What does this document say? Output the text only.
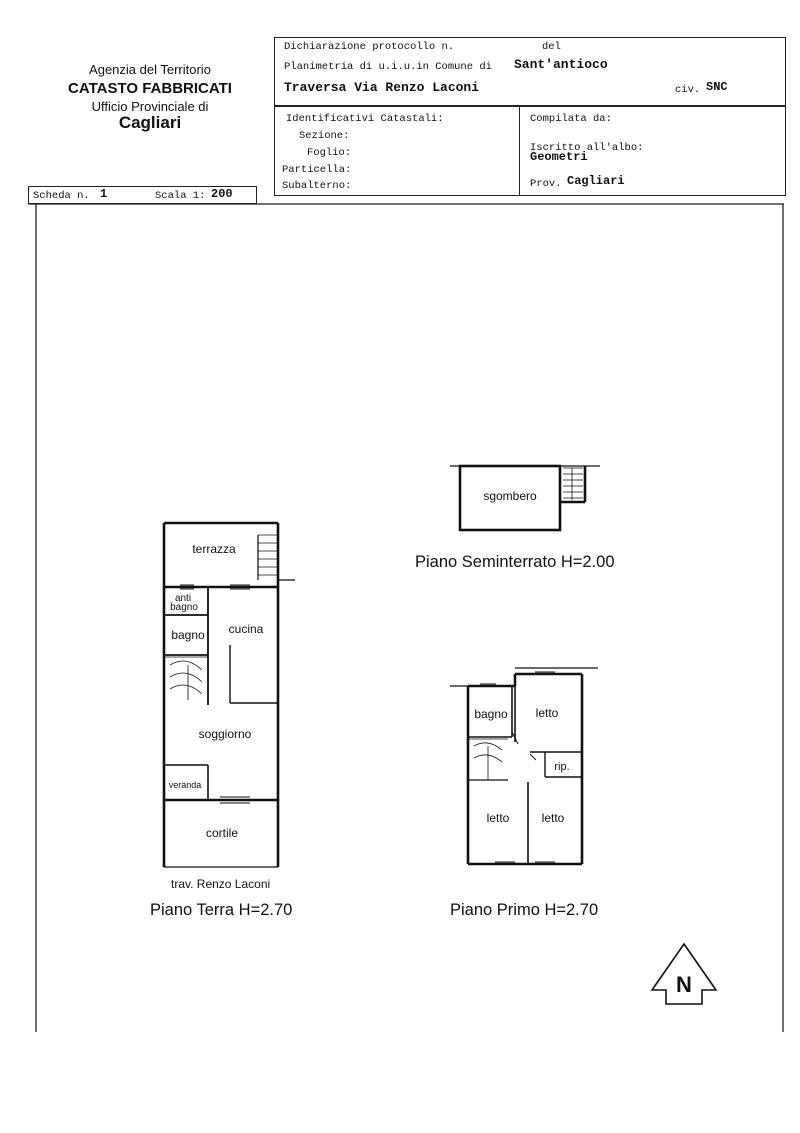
Agenzia del Territorio
CATASTO FABBRICATI
Ufficio Provinciale di
Cagliari
Dichiarazione protocollo n.	del
Planimetria di u.i.u.in Comune di Sant'antioco
Traversa Via Renzo Laconi	civ. SNC
Identificativi Catastali:
Sezione:
Foglio:
Particella:
Subalterno:
Compilata da:
Iscritto all'albo:
Geometri
Prov. Cagliari
Scheda n. 1	Scala 1: 200
sgombero
Piano Seminterrato H=2.00
terrazza
anti
bagno
bagno cucina
soggiorno
veranda
cortile
trav. Renzo Laconi
Piano Terra H=2.70
bagno letto
rip.
letto	letto
Piano Primo H=2.70
N
